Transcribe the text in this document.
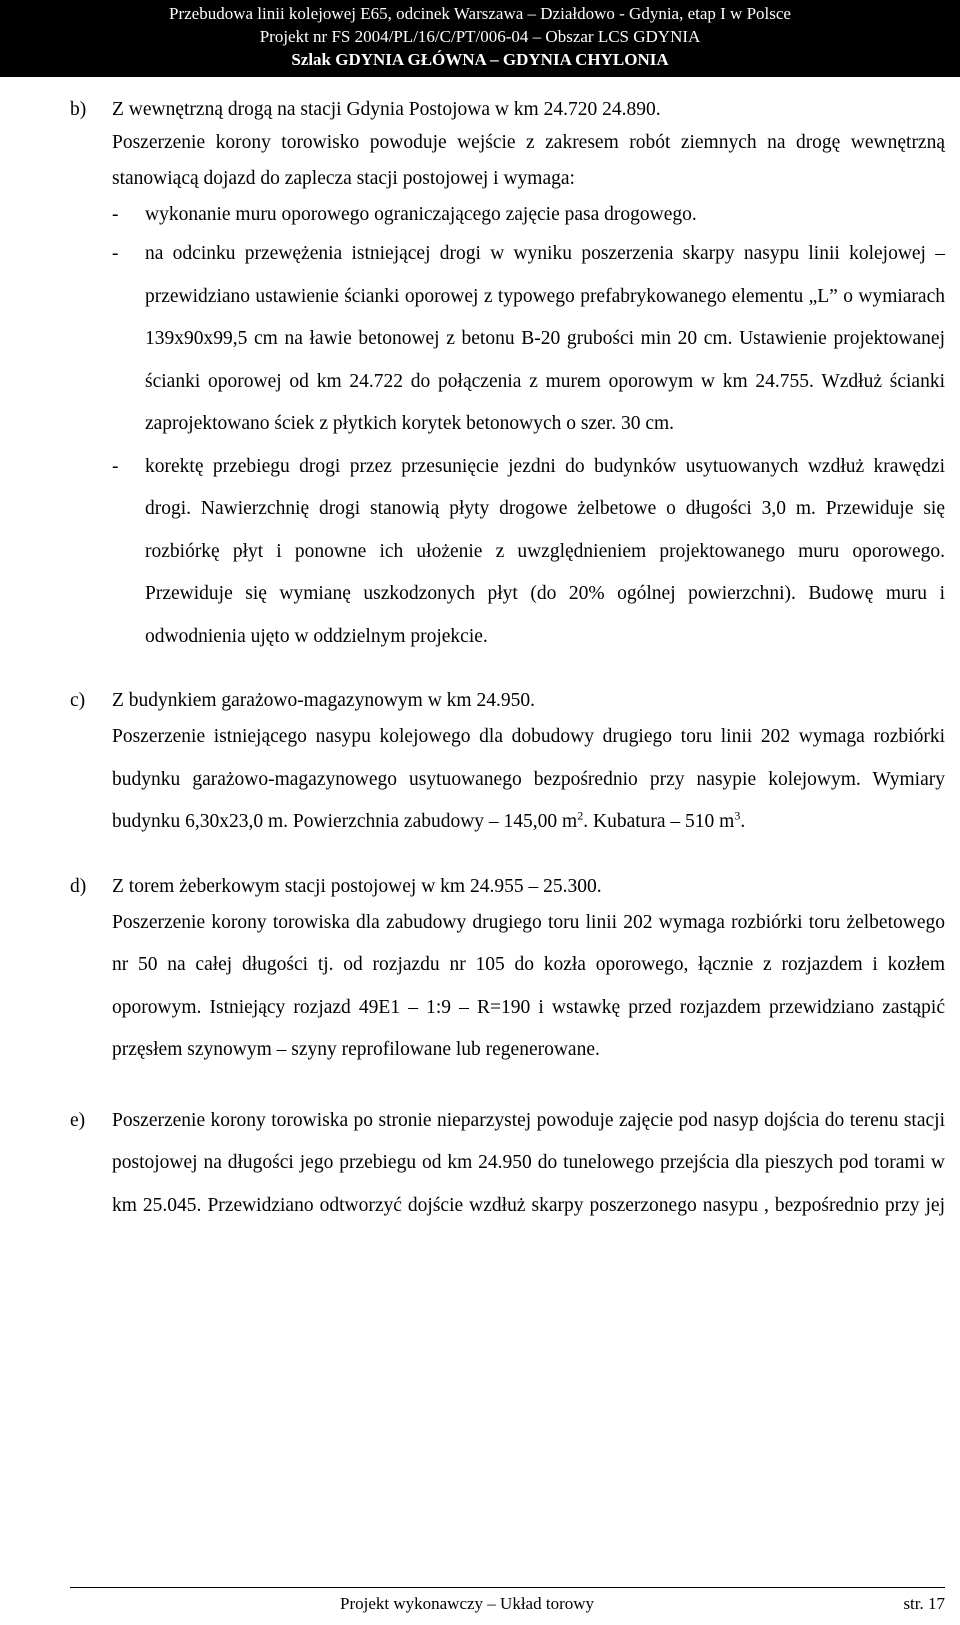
Przebudowa linii kolejowej E65, odcinek Warszawa – Działdowo - Gdynia, etap I w Polsce
Projekt nr FS 2004/PL/16/C/PT/006-04 – Obszar LCS GDYNIA
Szlak GDYNIA GŁÓWNA – GDYNIA CHYLONIA
b)	Z wewnętrzną drogą na stacji Gdynia Postojowa w km 24.720 24.890.

Poszerzenie korony torowisko powoduje wejście z zakresem robót ziemnych na drogę wewnętrzną stanowiącą dojazd do zaplecza stacji postojowej i wymaga:

-	wykonanie muru oporowego ograniczającego zajęcie pasa drogowego.
-	na odcinku przewężenia istniejącej drogi w wyniku poszerzenia skarpy nasypu linii kolejowej – przewidziano ustawienie ścianki oporowej z typowego prefabrykowanego elementu „L” o wymiarach 139x90x99,5 cm na ławie betonowej z betonu B-20 grubości min 20 cm. Ustawienie projektowanej ścianki oporowej od km 24.722 do połączenia z murem oporowym w km 24.755. Wzdłuż ścianki zaprojektowano ściek z płytkich korytek betonowych o szer. 30 cm.
-	korektę przebiegu drogi przez przesunięcie jezdni do budynków usytuowanych wzdłuż krawędzi drogi. Nawierzchnię drogi stanowią płyty drogowe żelbetowe o długości 3,0 m. Przewiduje się rozbiórkę płyt i ponowne ich ułożenie z uwzględnieniem projektowanego muru oporowego. Przewiduje się wymianę uszkodzonych płyt (do 20% ogólnej powierzchni). Budowę muru i odwodnienia ujęto w oddzielnym projekcie.
c)	Z budynkiem garażowo-magazynowym w km 24.950.

Poszerzenie istniejącego nasypu kolejowego dla dobudowy drugiego toru linii 202 wymaga rozbiórki budynku garażowo-magazynowego usytuowanego bezpośrednio przy nasypie kolejowym. Wymiary budynku 6,30x23,0 m. Powierzchnia zabudowy – 145,00 $m^2$. Kubatura – 510 $m^3$.

d)	Z torem żeberkowym stacji postojowej w km 24.955 – 25.300.

Poszerzenie korony torowiska dla zabudowy drugiego toru linii 202 wymaga rozbiórki toru żelbetowego nr 50 na całej długości tj. od rozjazdu nr 105 do kozła oporowego, łącznie z rozjazdem i kozłem oporowym. Istniejący rozjazd 49E1 – 1:9 – R=190 i wstawkę przed rozjazdem przewidziano zastąpić przęsłem szynowym – szyny reprofilowane lub regenerowane.

e)	Poszerzenie korony torowiska po stronie nieparzystej powoduje zajęcie pod nasyp dojścia do terenu stacji postojowej na długości jego przebiegu od km 24.950 do tunelowego przejścia dla pieszych pod torami w km 25.045. Przewidziano odtworzyć dojście wzdłuż skarpy poszerzonego nasypu , bezpośrednio przy jej

Projekt wykonawczy – Układ torowy	str. 17
